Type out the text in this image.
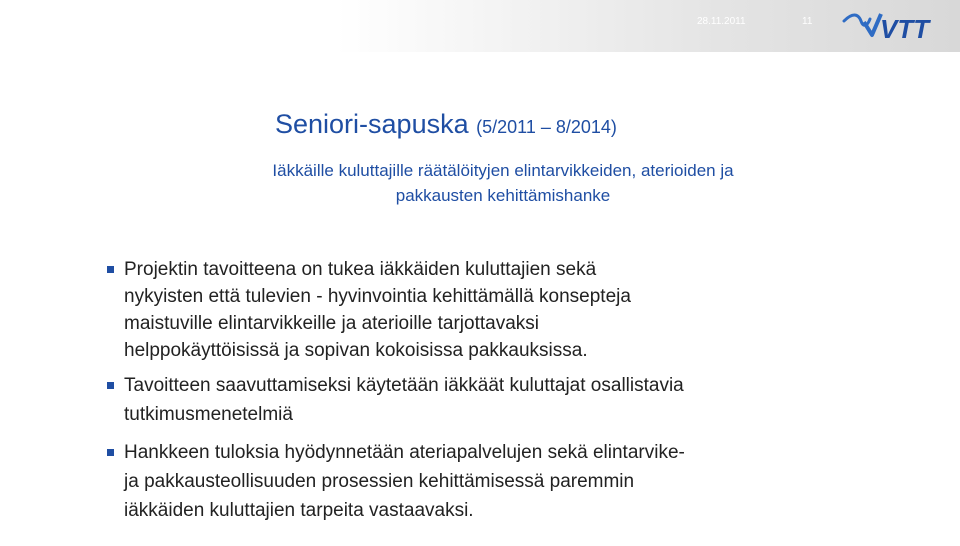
28.11.2011	11	VTT
Seniori-sapuska (5/2011 – 8/2014)
Iäkkäille kuluttajille räätälöityjen elintarvikkeiden, aterioiden ja
pakkausten kehittämishanke
Projektin tavoitteena on tukea iäkkäiden kuluttajien sekä
nykyisten että tulevien - hyvinvointia kehittämällä konsepteja
maistuville elintarvikkeille ja aterioille tarjottavaksi
helppokäyttöisissä ja sopivan kokoisissa pakkauksissa.
Tavoitteen saavuttamiseksi käytetään iäkkäät kuluttajat osallistavia
tutkimusmenetelmiä
Hankkeen tuloksia hyödynnetään ateriapalvelujen sekä elintarvike-
ja pakkausteollisuuden prosessien kehittämisessä paremmin
iäkkäiden kuluttajien tarpeita vastaavaksi.
